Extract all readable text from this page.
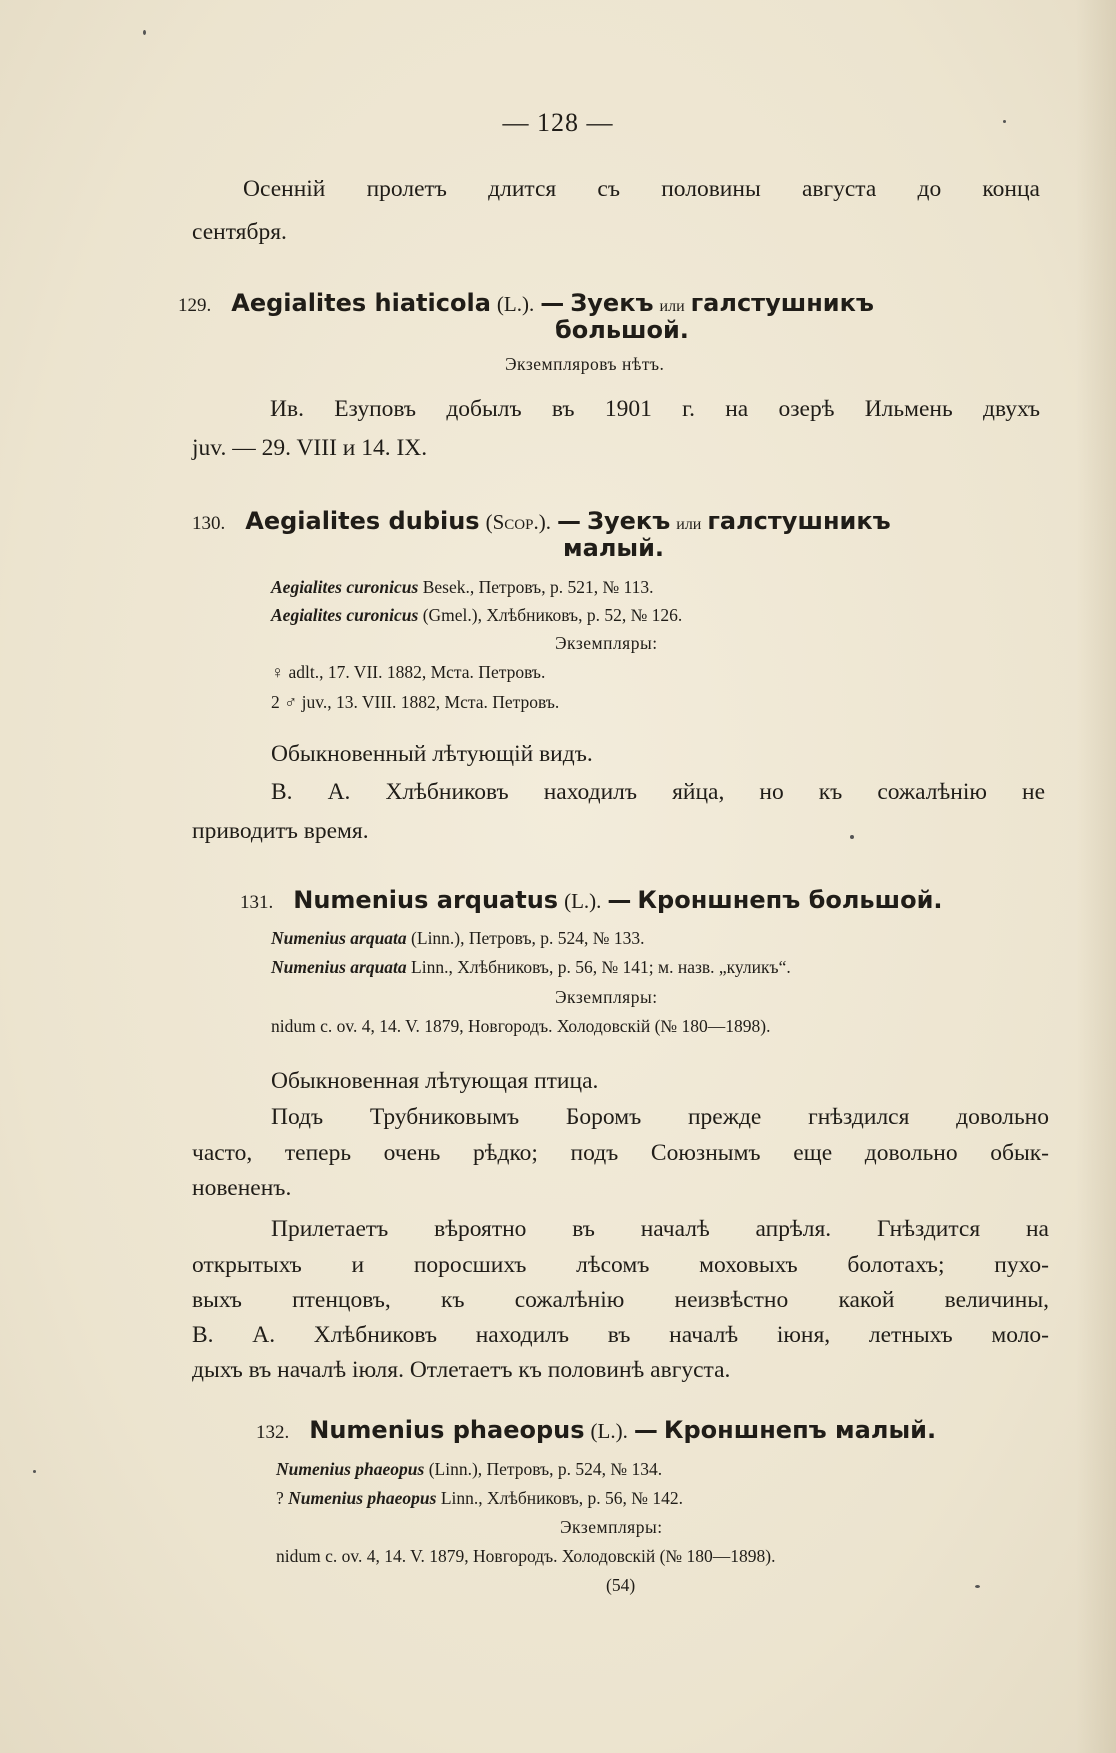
— 128 —
Осеннiй пролетъ длится съ половины августа до конца
сентября.
129. Aegialites hiaticola (L.). — Зуекъ или галстушникъ
большой.
Экземпляровъ нѣтъ.
Ив. Езуповъ добылъ въ 1901 г. на озерѣ Ильмень двухъ
juv. — 29. VIII и 14. IX.
130. Aegialites dubius (Scop.). — Зуекъ или галстушникъ
малый.
Aegialites curonicus Besek., Петровъ, р. 521, № 113.
Aegialites curonicus (Gmel.), Хлѣбниковъ, р. 52, № 126.
Экземпляры:
♀ adlt., 17. VII. 1882, Mста. Петровъ.
2 ♂ juv., 13. VIII. 1882, Mста. Петровъ.
Обыкновенный лѣтующiй видъ.
В. А. Хлѣбниковъ находилъ яйца, но къ сожалѣнiю не
приводитъ время.
131. Numenius arquatus (L.). — Кроншнепъ большой.
Numenius arquata (Linn.), Петровъ, р. 524, № 133.
Numenius arquata Linn., Хлѣбниковъ, р. 56, № 141; м. назв. „куликъ“.
Экземпляры:
nidum c. ov. 4, 14. V. 1879, Новгородъ. Холодовскiй (№ 180—1898).
Обыкновенная лѣтующая птица.
Подъ Трубниковымъ Боромъ прежде гнѣздился довольно
часто, теперь очень рѣдко; подъ Союзнымъ еще довольно обык-
новененъ.
Прилетаетъ вѣроятно въ началѣ апрѣля. Гнѣздится на
открытыхъ и поросшихъ лѣсомъ моховыхъ болотахъ; пухо-
выхъ птенцовъ, къ сожалѣнiю неизвѣстно какой величины,
В. А. Хлѣбниковъ находилъ въ началѣ iюня, летныхъ моло-
дыхъ въ началѣ iюля. Отлетаетъ къ половинѣ августа.
132. Numenius phaeopus (L.). — Кроншнепъ малый.
Numenius phaeopus (Linn.), Петровъ, р. 524, № 134.
? Numenius phaeopus Linn., Хлѣбниковъ, р. 56, № 142.
Экземпляры:
nidum c. ov. 4, 14. V. 1879, Новгородъ. Холодовскiй (№ 180—1898).
(54)
